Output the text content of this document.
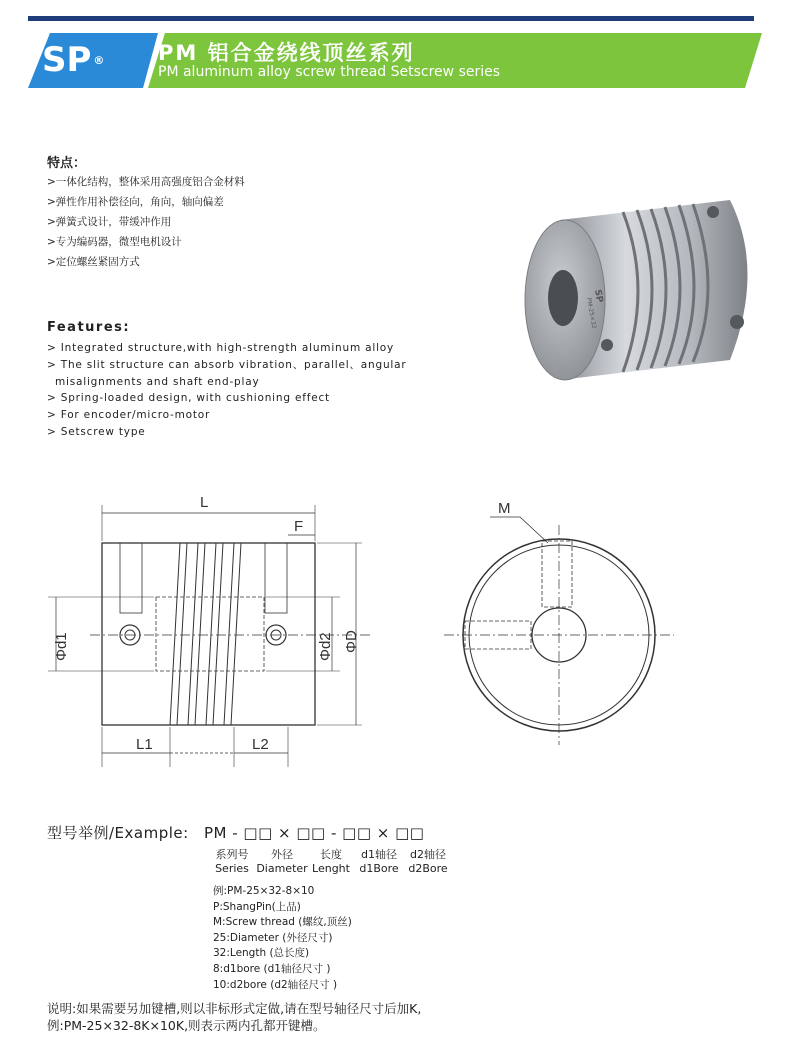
SP ®	PM 铝合金绕线顶丝系列
PM aluminum alloy screw thread Setscrew series
特点：
>一体化结构，整体采用高强度铝合金材料
>弹性作用补偿径向，角向，轴向偏差
>弹簧式设计，带缓冲作用
>专为编码器，微型电机设计
>定位螺丝紧固方式
Features:
> Integrated structure,with high-strength aluminum alloy
> The slit structure can absorb vibration、parallel、angular
misalignments and shaft end-play
> Spring-loaded design, with cushioning effect
> For encoder/micro-motor
> Setscrew type
SP
PM-25×32
L
F
Φd1	Φd2 ΦD
L1	L2
M
型号举例/Example: PM - □□ × □□ - □□ × □□
系列号
Series
外径
Diameter
长度
Lenght
d1轴径
d1Bore
d2轴径
d2Bore
例:PM-25×32-8×10
P:ShangPin(上品)
M:Screw thread (螺纹,顶丝)
25:Diameter (外径尺寸)
32:Length (总长度)
8:d1bore (d1轴径尺寸 )
10:d2bore (d2轴径尺寸 )
说明:如果需要另加键槽,则以非标形式定做,请在型号轴径尺寸后加K,
例:PM-25×32-8K×10K,则表示两内孔都开键槽。
